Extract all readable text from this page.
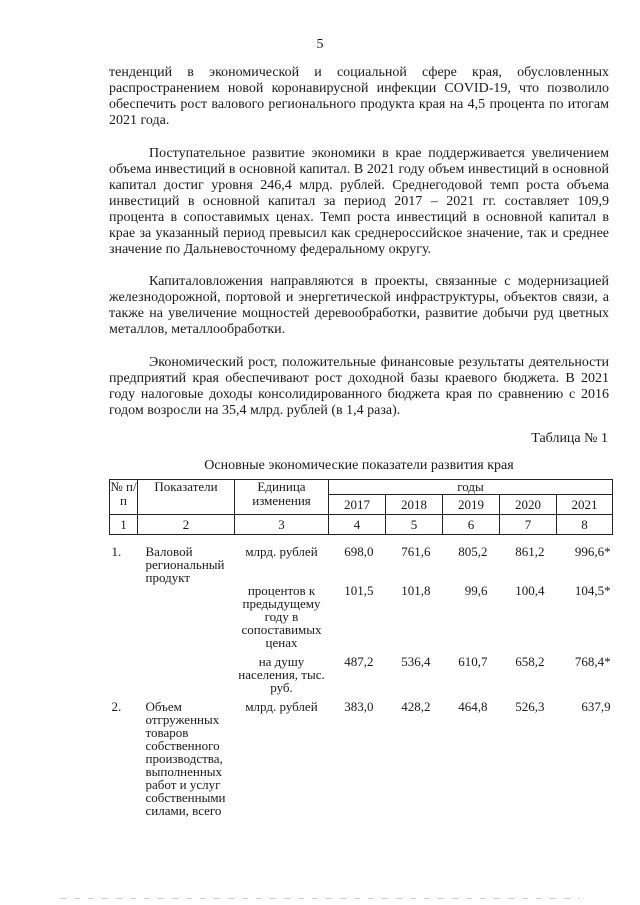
5

тенденций в экономической и социальной сфере края, обусловленных распространением новой коронавирусной инфекции COVID-19, что позволило обеспечить рост валового регионального продукта края на 4,5 процента по итогам 2021 года.

Поступательное развитие экономики в крае поддерживается увеличением объема инвестиций в основной капитал. В 2021 году объем инвестиций в основной капитал достиг уровня 246,4 млрд. рублей. Среднегодовой темп роста объема инвестиций в основной капитал за период 2017 – 2021 гг. составляет 109,9 процента в сопоставимых ценах. Темп роста инвестиций в основной капитал в крае за указанный период превысил как среднероссийское значение, так и среднее значение по Дальневосточному федеральному округу.

Капиталовложения направляются в проекты, связанные с модернизацией железнодорожной, портовой и энергетической инфраструктуры, объектов связи, а также на увеличение мощностей деревообработки, развитие добычи руд цветных металлов, металлообработки.

Экономический рост, положительные финансовые результаты деятельности предприятий края обеспечивают рост доходной базы краевого бюджета. В 2021 году налоговые доходы консолидированного бюджета края по сравнению с 2016 годом возросли на 35,4 млрд. рублей (в 1,4 раза).

Таблица № 1
Основные экономические показатели развития края
№ п/п	Показатели	Единица изменения	годы				
			2017	2018	2019	2020	2021
1	2	3	4	5	6	7	8

1.	Валовой региональный продукт	млрд. рублей	698,0	761,6	805,2	861,2	996,6*
		процентов к предыдущему году в сопоставимых ценах	101,5	101,8	99,6	100,4	104,5*
		на душу населения, тыс. руб.	487,2	536,4	610,7	658,2	768,4*
2.	Объем отгруженных товаров собственного производства, выполненных работ и услуг собственными силами, всего	млрд. рублей	383,0	428,2	464,8	526,3	637,9
